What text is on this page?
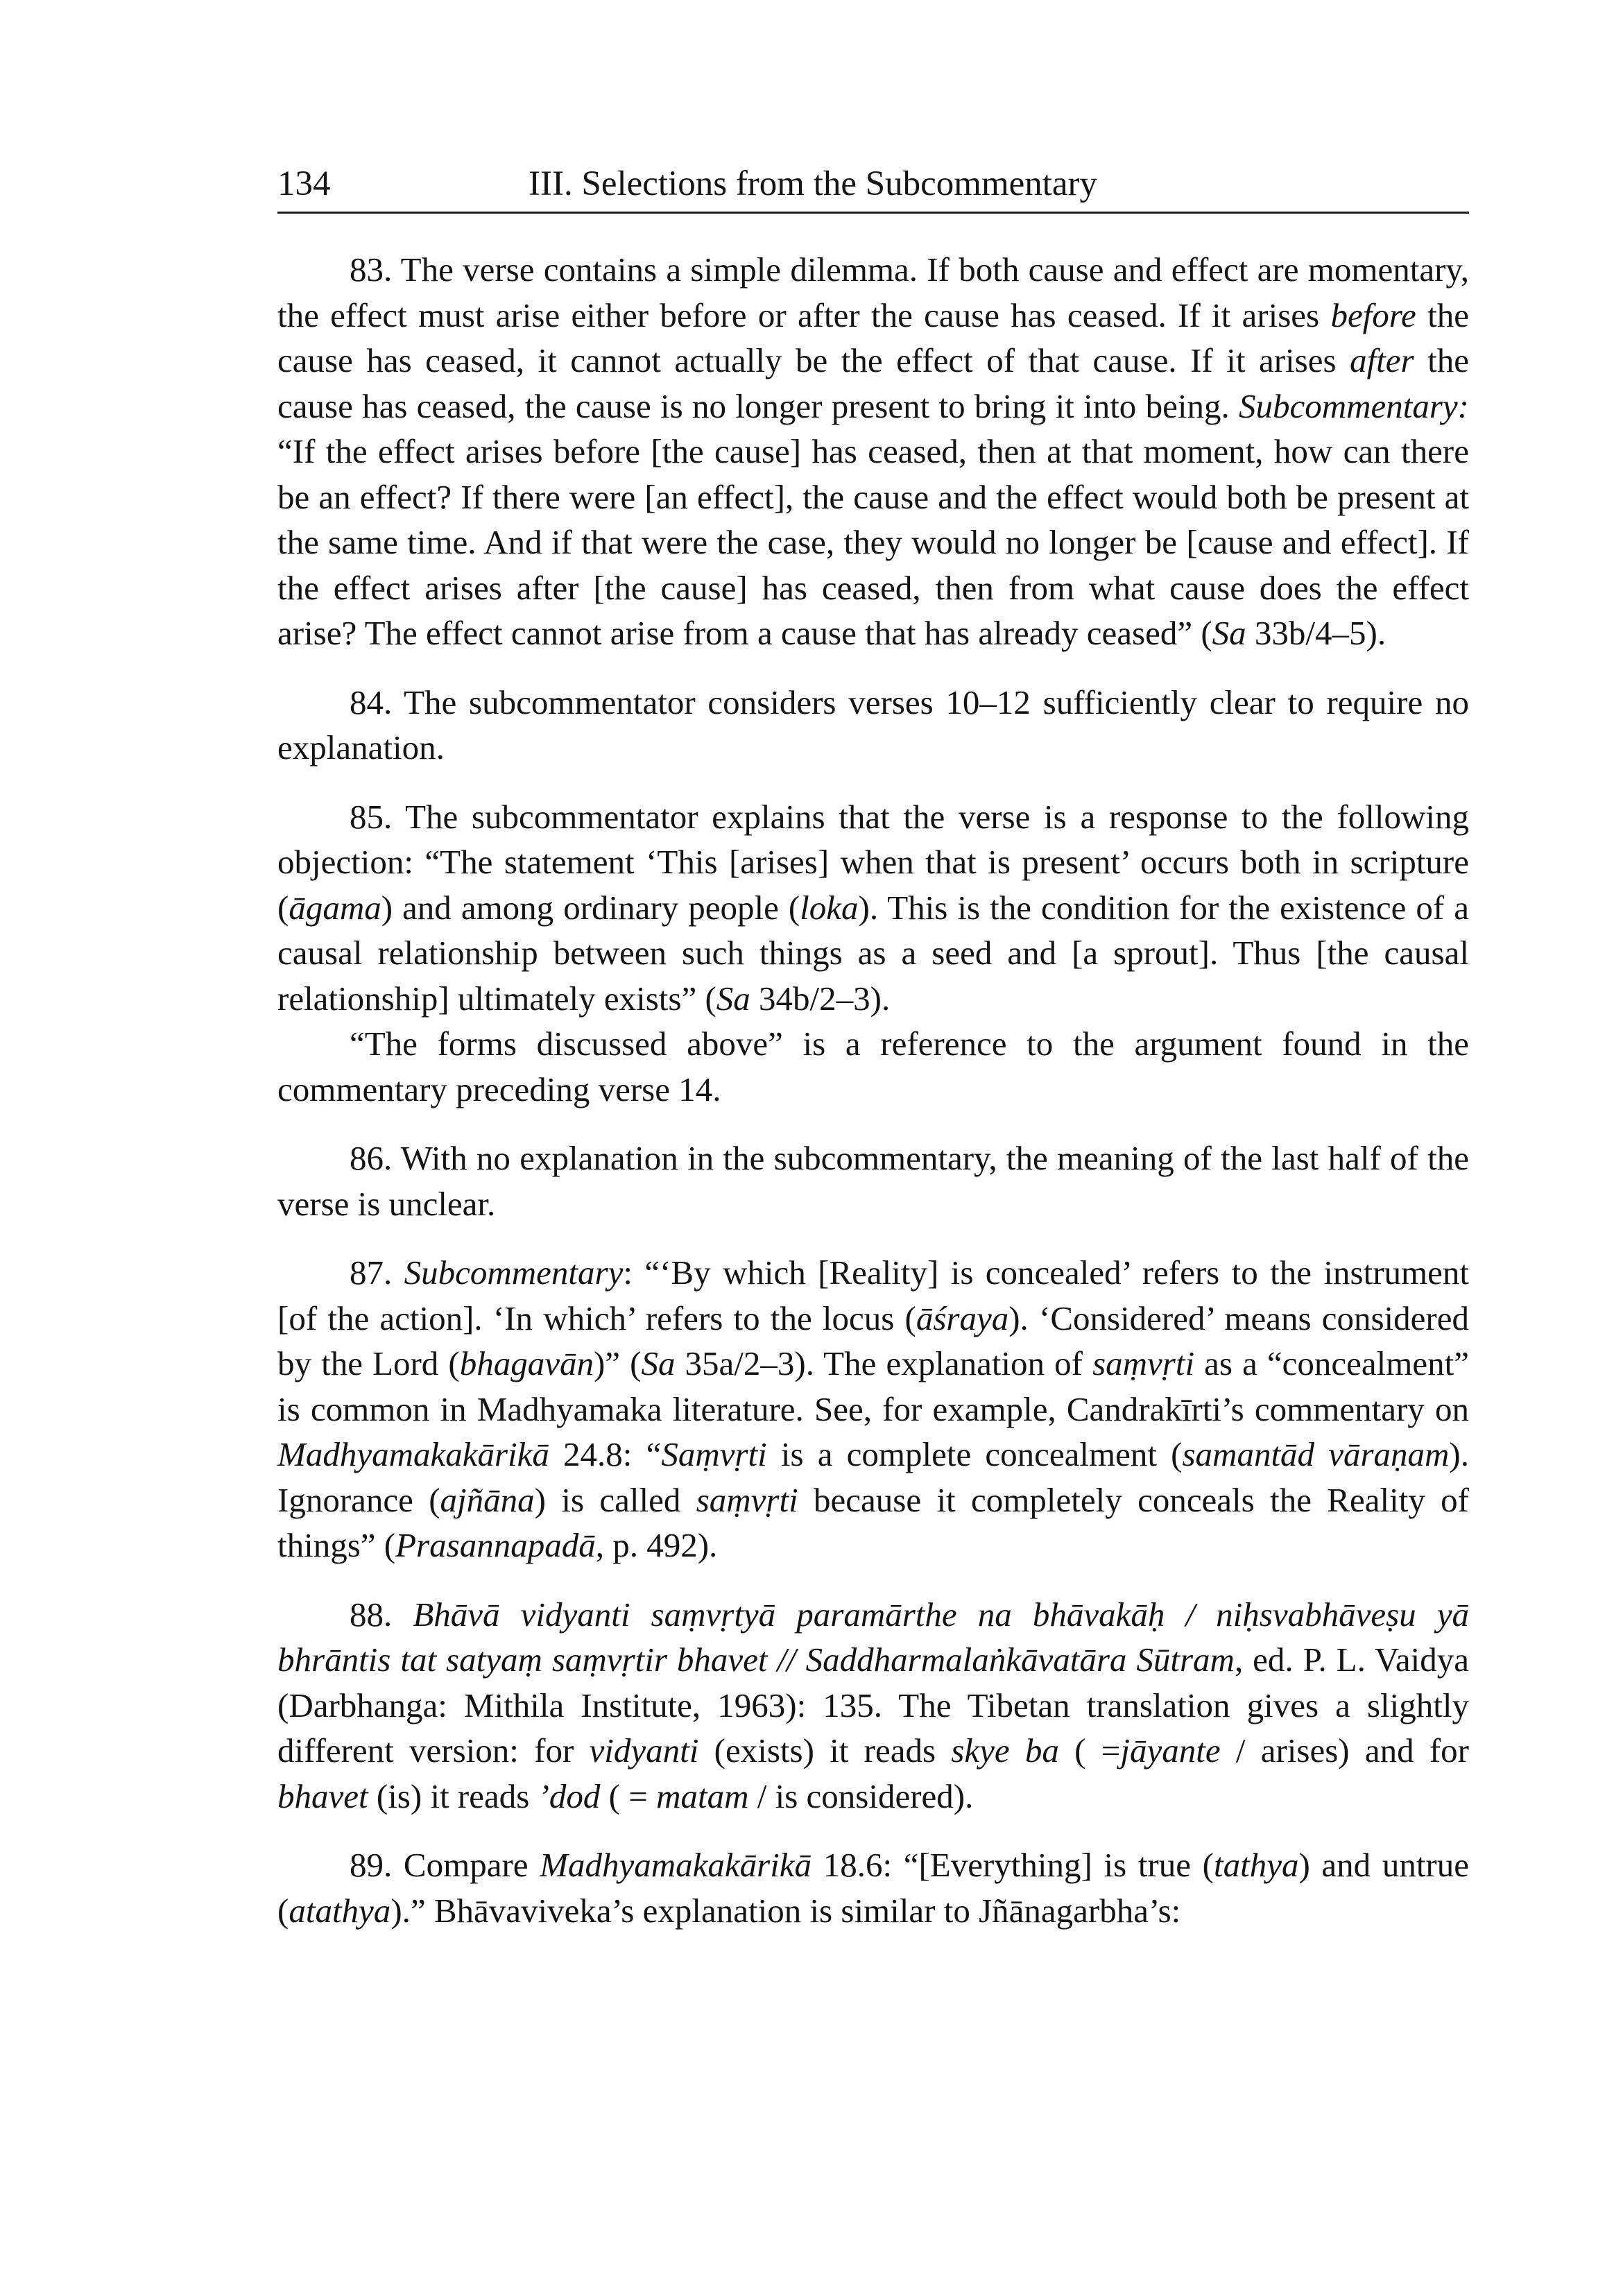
134	III. Selections from the Subcommentary

83. The verse contains a simple dilemma. If both cause and effect are momentary, the effect must arise either before or after the cause has ceased. If it arises before the cause has ceased, it cannot actually be the effect of that cause. If it arises after the cause has ceased, the cause is no longer present to bring it into being. Subcommentary: “If the effect arises before [the cause] has ceased, then at that moment, how can there be an effect? If there were [an effect], the cause and the effect would both be present at the same time. And if that were the case, they would no longer be [cause and effect]. If the effect arises after [the cause] has ceased, then from what cause does the effect arise? The effect cannot arise from a cause that has already ceased” (Sa 33b/4–5).

84. The subcommentator considers verses 10–12 sufficiently clear to require no explanation.

85. The subcommentator explains that the verse is a response to the following objection: “The statement ‘This [arises] when that is present’ occurs both in scripture (āgama) and among ordinary people (loka). This is the condition for the existence of a causal relationship between such things as a seed and [a sprout]. Thus [the causal relationship] ultimately exists” (Sa 34b/2–3).

“The forms discussed above” is a reference to the argument found in the commentary preceding verse 14.

86. With no explanation in the subcommentary, the meaning of the last half of the verse is unclear.

87. Subcommentary: “‘By which [Reality] is concealed’ refers to the instrument [of the action]. ‘In which’ refers to the locus (āśraya). ‘Considered’ means considered by the Lord (bhagavān)” (Sa 35a/2–3). The explanation of saṃvṛti as a “concealment” is common in Madhyamaka literature. See, for example, Candrakīrti’s commentary on Madhyamakakārikā 24.8: “Saṃvṛti is a complete concealment (samantād vāraṇam). Ignorance (ajñāna) is called saṃvṛti because it completely conceals the Reality of things” (Prasannapadā, p. 492).

88. Bhāvā vidyanti saṃvṛtyā paramārthe na bhāvakāḥ / niḥsvabhāveṣu yā bhrāntis tat satyaṃ saṃvṛtir bhavet // Saddharmalaṅkāvatāra Sūtram, ed. P. L. Vaidya (Darbhanga: Mithila Institute, 1963): 135. The Tibetan translation gives a slightly different version: for vidyanti (exists) it reads skye ba ( =jāyante / arises) and for bhavet (is) it reads ’dod ( = matam / is considered).

89. Compare Madhyamakakārikā 18.6: “[Everything] is true (tathya) and untrue (atathya).” Bhāvaviveka’s explanation is similar to Jñānagarbha’s:
